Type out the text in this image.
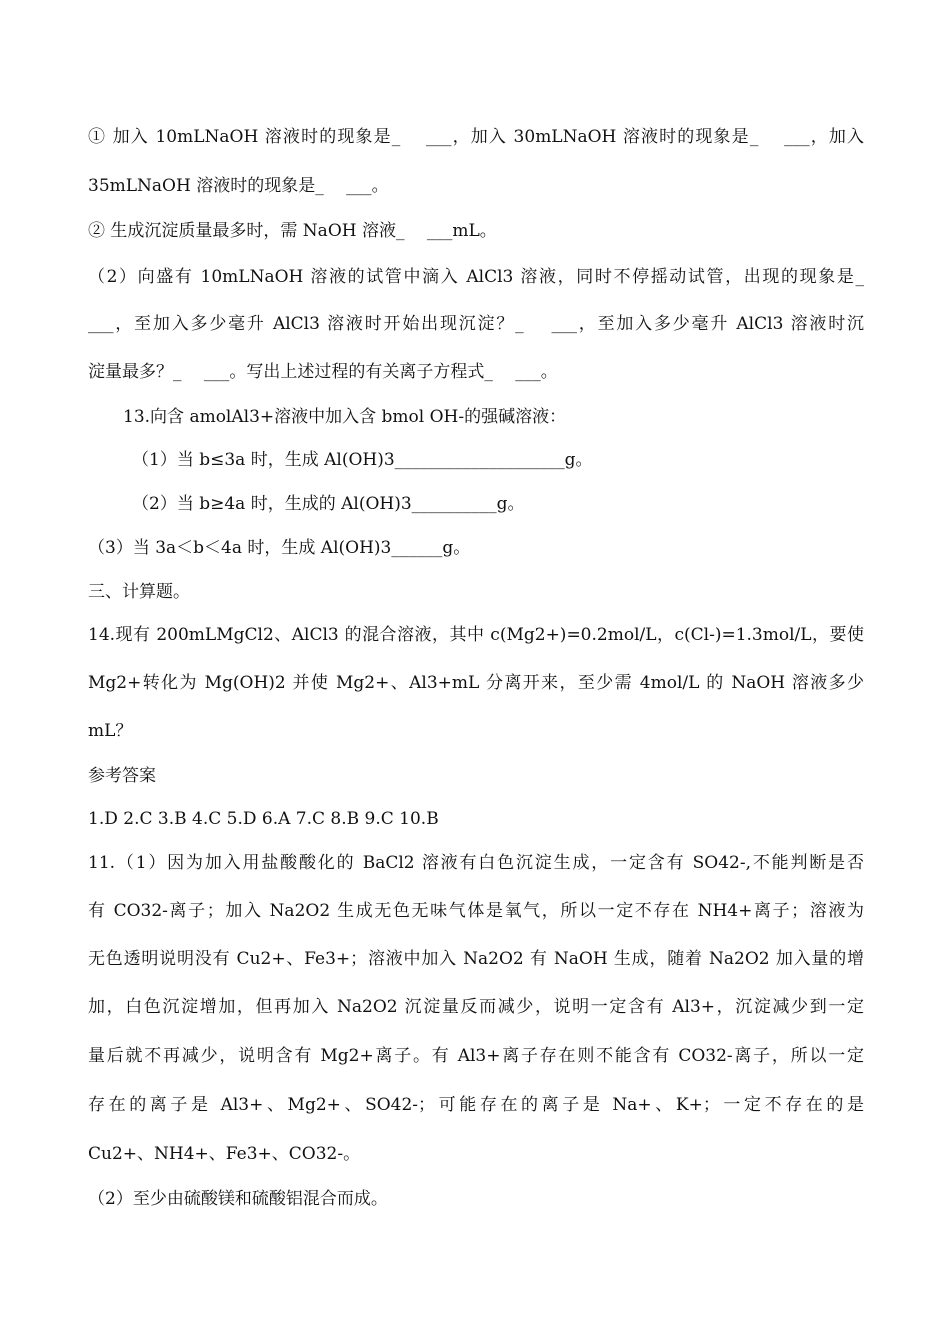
① 加入 10mLNaOH 溶液时的现象是_　 ___，加入 30mLNaOH 溶液时的现象是_　 ___，加入
35mLNaOH 溶液时的现象是_　 ___。
② 生成沉淀质量最多时，需 NaOH 溶液_　 ___mL。
（2）向盛有 10mLNaOH 溶液的试管中滴入 AlCl3 溶液，同时不停摇动试管，出现的现象是_
___，至加入多少毫升 AlCl3 溶液时开始出现沉淀？_　 ___，至加入多少毫升 AlCl3 溶液时沉
淀量最多？_　 ___。写出上述过程的有关离子方程式_　 ___。
13.向含 amolAl3+溶液中加入含 bmol OH-的强碱溶液：
（1）当 b≤3a 时，生成 Al(OH)3____________________g。
（2）当 b≥4a 时，生成的 Al(OH)3__________g。
（3）当 3a＜b＜4a 时，生成 Al(OH)3______g。
三、计算题。
14.现有 200mLMgCl2、AlCl3 的混合溶液，其中 c(Mg2+)=0.2mol/L，c(Cl-)=1.3mol/L，要使
Mg2+转化为 Mg(OH)2 并使 Mg2+、Al3+mL 分离开来，至少需 4mol/L 的 NaOH 溶液多少
mL？
参考答案
1.D 2.C 3.B 4.C 5.D 6.A 7.C 8.B 9.C 10.B
11.（1）因为加入用盐酸酸化的 BaCl2 溶液有白色沉淀生成，一定含有 SO42-,不能判断是否
有 CO32-离子；加入 Na2O2 生成无色无味气体是氧气，所以一定不存在 NH4+离子；溶液为
无色透明说明没有 Cu2+、Fe3+；溶液中加入 Na2O2 有 NaOH 生成，随着 Na2O2 加入量的增
加，白色沉淀增加，但再加入 Na2O2 沉淀量反而减少，说明一定含有 Al3+，沉淀减少到一定
量后就不再减少，说明含有 Mg2+离子。有 Al3+离子存在则不能含有 CO32-离子，所以一定
存在的离子是 Al3+、Mg2+、SO42-；可能存在的离子是 Na+、K+；一定不存在的是
Cu2+、NH4+、Fe3+、CO32-。
（2）至少由硫酸镁和硫酸铝混合而成。
